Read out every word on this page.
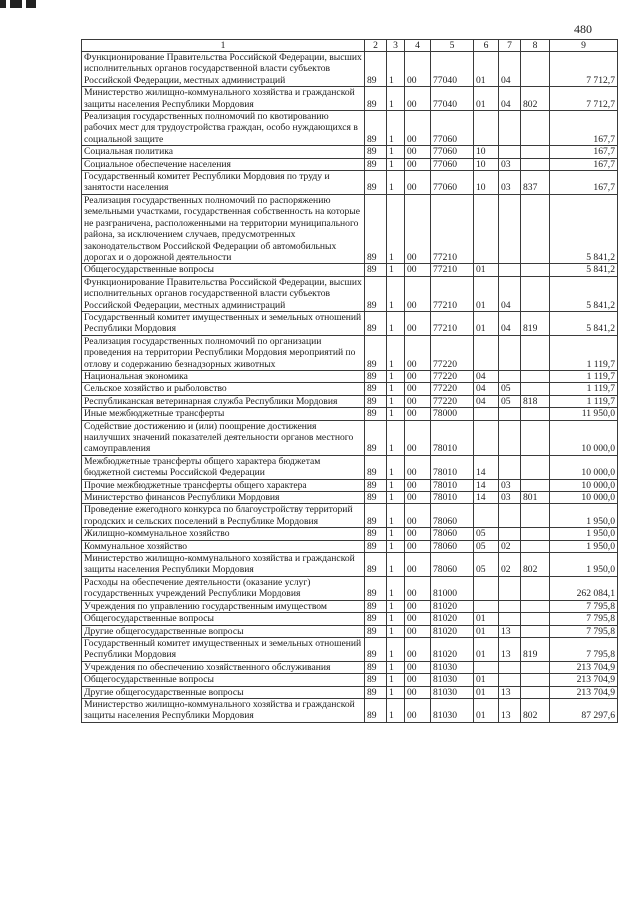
480
1	2	3	4	5	6	7	8	9
Функционирование Правительства Российской Федерации, высших исполнительных органов государственной власти субъектов Российской Федерации, местных администраций	89	1	00	77040	01	04		7 712,7
Министерство жилищно-коммунального хозяйства и гражданской защиты населения Республики Мордовия	89	1	00	77040	01	04	802	7 712,7
Реализация государственных полномочий по квотированию рабочих мест для трудоустройства граждан, особо нуждающихся в социальной защите	89	1	00	77060				167,7
Социальная политика	89	1	00	77060	10			167,7
Социальное обеспечение населения	89	1	00	77060	10	03		167,7
Государственный комитет Республики Мордовия по труду и занятости населения	89	1	00	77060	10	03	837	167,7
Реализация государственных полномочий по распоряжению земельными участками, государственная собственность на которые не разграничена, расположенными на территории муниципального района, за исключением случаев, предусмотренных законодательством Российской Федерации об автомобильных дорогах и о дорожной деятельности	89	1	00	77210				5 841,2
Общегосударственные вопросы	89	1	00	77210	01			5 841,2
Функционирование Правительства Российской Федерации, высших исполнительных органов государственной власти субъектов Российской Федерации, местных администраций	89	1	00	77210	01	04		5 841,2
Государственный комитет имущественных и земельных отношений Республики Мордовия	89	1	00	77210	01	04	819	5 841,2
Реализация государственных полномочий по организации проведения на территории Республики Мордовия мероприятий по отлову и содержанию безнадзорных животных	89	1	00	77220				1 119,7
Национальная экономика	89	1	00	77220	04			1 119,7
Сельское хозяйство и рыболовство	89	1	00	77220	04	05		1 119,7
Республиканская ветеринарная служба Республики Мордовия	89	1	00	77220	04	05	818	1 119,7
Иные межбюджетные трансферты	89	1	00	78000				11 950,0
Содействие достижению и (или) поощрение достижения наилучших значений показателей деятельности органов местного самоуправления	89	1	00	78010				10 000,0
Межбюджетные трансферты общего характера бюджетам бюджетной системы Российской Федерации	89	1	00	78010	14			10 000,0
Прочие межбюджетные трансферты общего характера	89	1	00	78010	14	03		10 000,0
Министерство финансов Республики Мордовия	89	1	00	78010	14	03	801	10 000,0
Проведение ежегодного конкурса по благоустройству территорий городских и сельских поселений в Республике Мордовия	89	1	00	78060				1 950,0
Жилищно-коммунальное хозяйство	89	1	00	78060	05			1 950,0
Коммунальное хозяйство	89	1	00	78060	05	02		1 950,0
Министерство жилищно-коммунального хозяйства и гражданской защиты населения Республики Мордовия	89	1	00	78060	05	02	802	1 950,0
Расходы на обеспечение деятельности (оказание услуг) государственных учреждений Республики Мордовия	89	1	00	81000				262 084,1
Учреждения по управлению государственным имуществом	89	1	00	81020				7 795,8
Общегосударственные вопросы	89	1	00	81020	01			7 795,8
Другие общегосударственные вопросы	89	1	00	81020	01	13		7 795,8
Государственный комитет имущественных и земельных отношений Республики Мордовия	89	1	00	81020	01	13	819	7 795,8
Учреждения по обеспечению хозяйственного обслуживания	89	1	00	81030				213 704,9
Общегосударственные вопросы	89	1	00	81030	01			213 704,9
Другие общегосударственные вопросы	89	1	00	81030	01	13		213 704,9
Министерство жилищно-коммунального хозяйства и гражданской защиты населения Республики Мордовия	89	1	00	81030	01	13	802	87 297,6
